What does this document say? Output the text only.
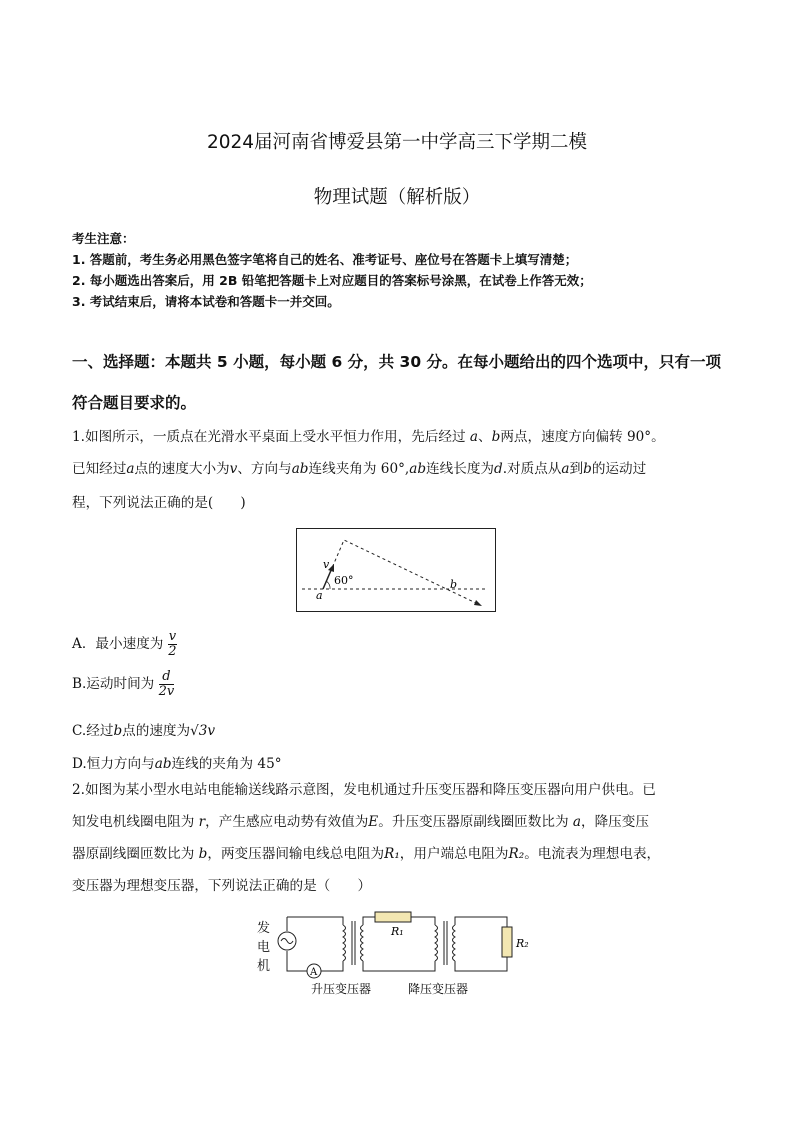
2024届河南省博爱县第一中学高三下学期二模
物理试题（解析版）
考生注意：
1. 答题前，考生务必用黑色签字笔将自己的姓名、准考证号、座位号在答题卡上填写清楚；
2. 每小题选出答案后，用 2B 铅笔把答题卡上对应题目的答案标号涂黑，在试卷上作答无效；
3. 考试结束后，请将本试卷和答题卡一并交回。
一、选择题：本题共 5 小题，每小题 6 分，共 30 分。在每小题给出的四个选项中，只有一项
符合题目要求的。
1.如图所示，一质点在光滑水平桌面上受水平恒力作用，先后经过 a、b两点，速度方向偏转 90°。
已知经过a点的速度大小为v、方向与ab连线夹角为 60°,ab连线长度为d.对质点从a到b的运动过
程，下列说法正确的是(　　)
v
60°
a
b
A．最小速度为 $\frac{v}{2}$
B.运动时间为 $\frac{d}{2v}$
C.经过b点的速度为√3v
D.恒力方向与ab连线的夹角为 45°
2.如图为某小型水电站电能输送线路示意图，发电机通过升压变压器和降压变压器向用户供电。已
知发电机线圈电阻为 r，产生感应电动势有效值为E。升压变压器原副线圈匝数比为 a，降压变压
器原副线圈匝数比为 b，两变压器间输电线总电阻为R₁，用户端总电阻为R₂。电流表为理想电表，
变压器为理想变压器，下列说法正确的是（　　）
发
电
机	A
R₁
R₂
升压变压器	降压变压器
